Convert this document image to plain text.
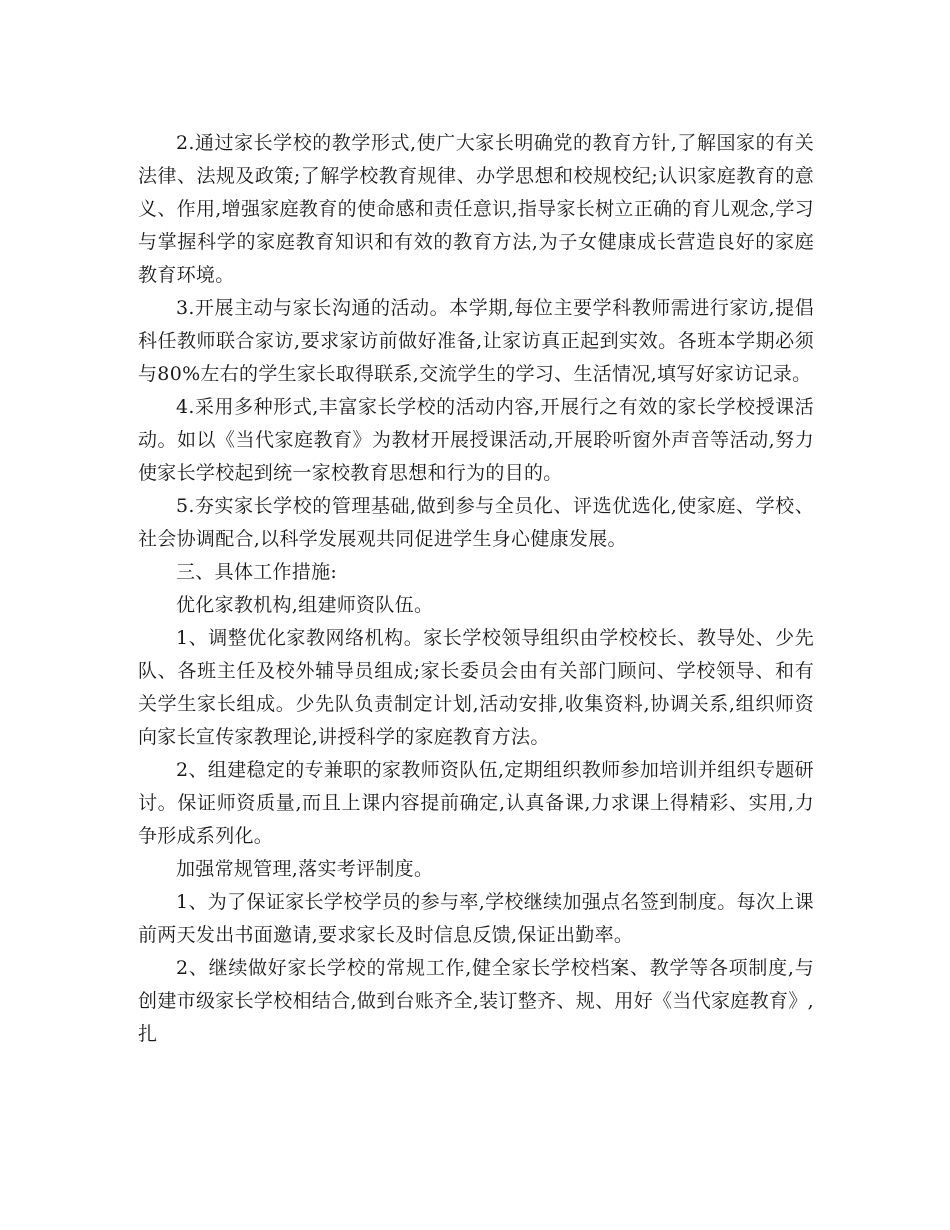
2.通过家长学校的教学形式,使广大家长明确党的教育方针,了解国家的有关法律、法规及政策;了解学校教育规律、办学思想和校规校纪;认识家庭教育的意义、作用,增强家庭教育的使命感和责任意识,指导家长树立正确的育儿观念,学习与掌握科学的家庭教育知识和有效的教育方法,为子女健康成长营造良好的家庭教育环境。

3.开展主动与家长沟通的活动。本学期,每位主要学科教师需进行家访,提倡科任教师联合家访,要求家访前做好准备,让家访真正起到实效。各班本学期必须与80%左右的学生家长取得联系,交流学生的学习、生活情况,填写好家访记录。

4.采用多种形式,丰富家长学校的活动内容,开展行之有效的家长学校授课活动。如以《当代家庭教育》为教材开展授课活动,开展聆听窗外声音等活动,努力使家长学校起到统一家校教育思想和行为的目的。

5.夯实家长学校的管理基础,做到参与全员化、评选优选化,使家庭、学校、社会协调配合,以科学发展观共同促进学生身心健康发展。

三、具体工作措施:

优化家教机构,组建师资队伍。

1、调整优化家教网络机构。家长学校领导组织由学校校长、教导处、少先队、各班主任及校外辅导员组成;家长委员会由有关部门顾问、学校领导、和有关学生家长组成。少先队负责制定计划,活动安排,收集资料,协调关系,组织师资向家长宣传家教理论,讲授科学的家庭教育方法。

2、组建稳定的专兼职的家教师资队伍,定期组织教师参加培训并组织专题研讨。保证师资质量,而且上课内容提前确定,认真备课,力求课上得精彩、实用,力争形成系列化。

加强常规管理,落实考评制度。

1、为了保证家长学校学员的参与率,学校继续加强点名签到制度。每次上课前两天发出书面邀请,要求家长及时信息反馈,保证出勤率。

2、继续做好家长学校的常规工作,健全家长学校档案、教学等各项制度,与创建市级家长学校相结合,做到台账齐全,装订整齐、规、用好《当代家庭教育》,扎
